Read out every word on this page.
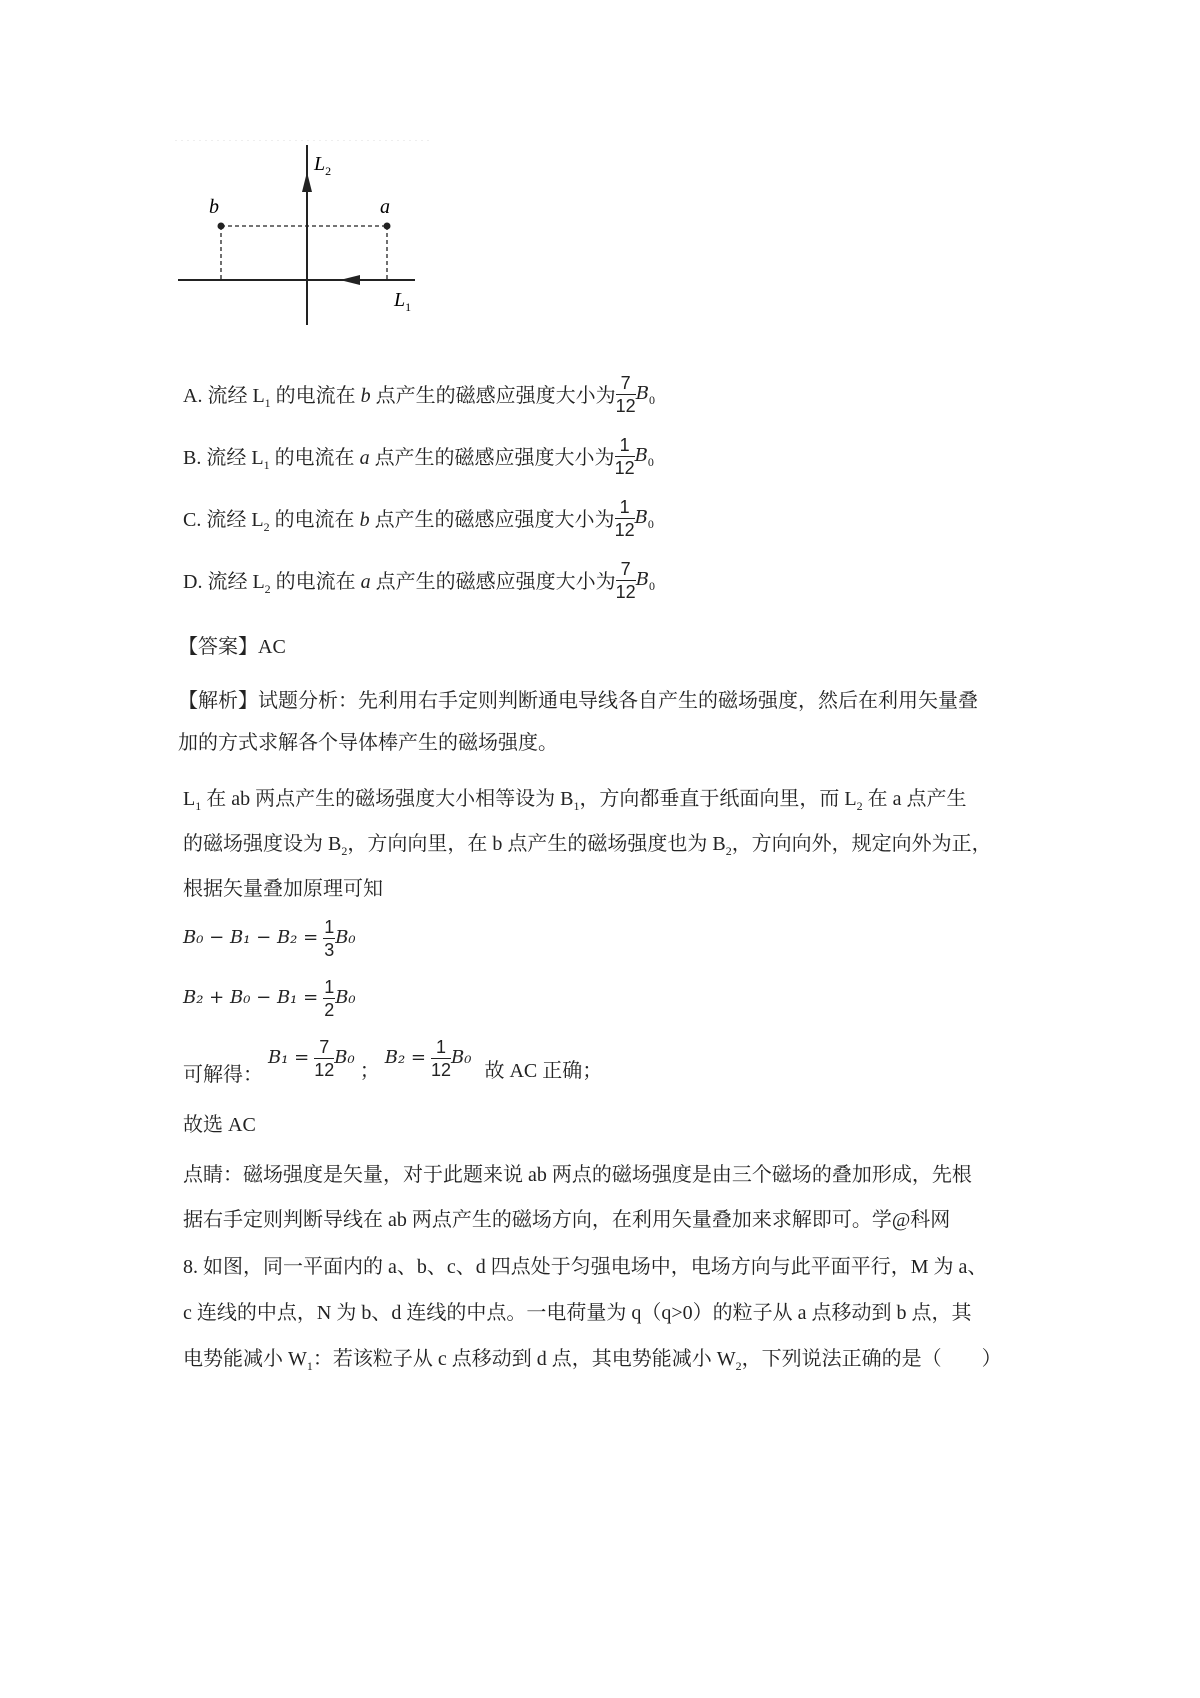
b	a
$L_2$
$L_1$
A. 流经 $L_1$ 的电流在 b 点产生的磁感应强度大小为 $\frac{7}{12} B_0$
B. 流经 $L_1$ 的电流在 a 点产生的磁感应强度大小为 $\frac{1}{12} B_0$
C. 流经 $L_2$ 的电流在 b 点产生的磁感应强度大小为 $\frac{1}{12} B_0$
D. 流经 $L_2$ 的电流在 a 点产生的磁感应强度大小为 $\frac{7}{12} B_0$
【答案】AC
【解析】试题分析：先利用右手定则判断通电导线各自产生的磁场强度，然后在利用矢量叠
加的方式求解各个导体棒产生的磁场强度。
$L_1$ 在 ab 两点产生的磁场强度大小相等设为 $B_1$，方向都垂直于纸面向里，而 $L_2$ 在 a 点产生
的磁场强度设为 $B_2$，方向向里，在 b 点产生的磁场强度也为 $B_2$，方向向外，规定向外为正，
根据矢量叠加原理可知
$B_0 - B_1 - B_2 = \frac{1}{3} B_0$
$B_2 + B_0 - B_1 = \frac{1}{2} B_0$
可解得： $B_1 = \frac{7}{12} B_0$ ； $B_2 = \frac{1}{12} B_0$ 故 AC 正确；
故选 AC
点睛：磁场强度是矢量，对于此题来说 ab 两点的磁场强度是由三个磁场的叠加形成，先根
据右手定则判断导线在 ab 两点产生的磁场方向，在利用矢量叠加来求解即可。学@科网
8. 如图，同一平面内的 a、b、c、d 四点处于匀强电场中，电场方向与此平面平行，M 为 a、
c 连线的中点，N 为 b、d 连线的中点。一电荷量为 q（q>0）的粒子从 a 点移动到 b 点，其
电势能减小 $W_1$：若该粒子从 c 点移动到 d 点，其电势能减小 $W_2$，下列说法正确的是（　　）
